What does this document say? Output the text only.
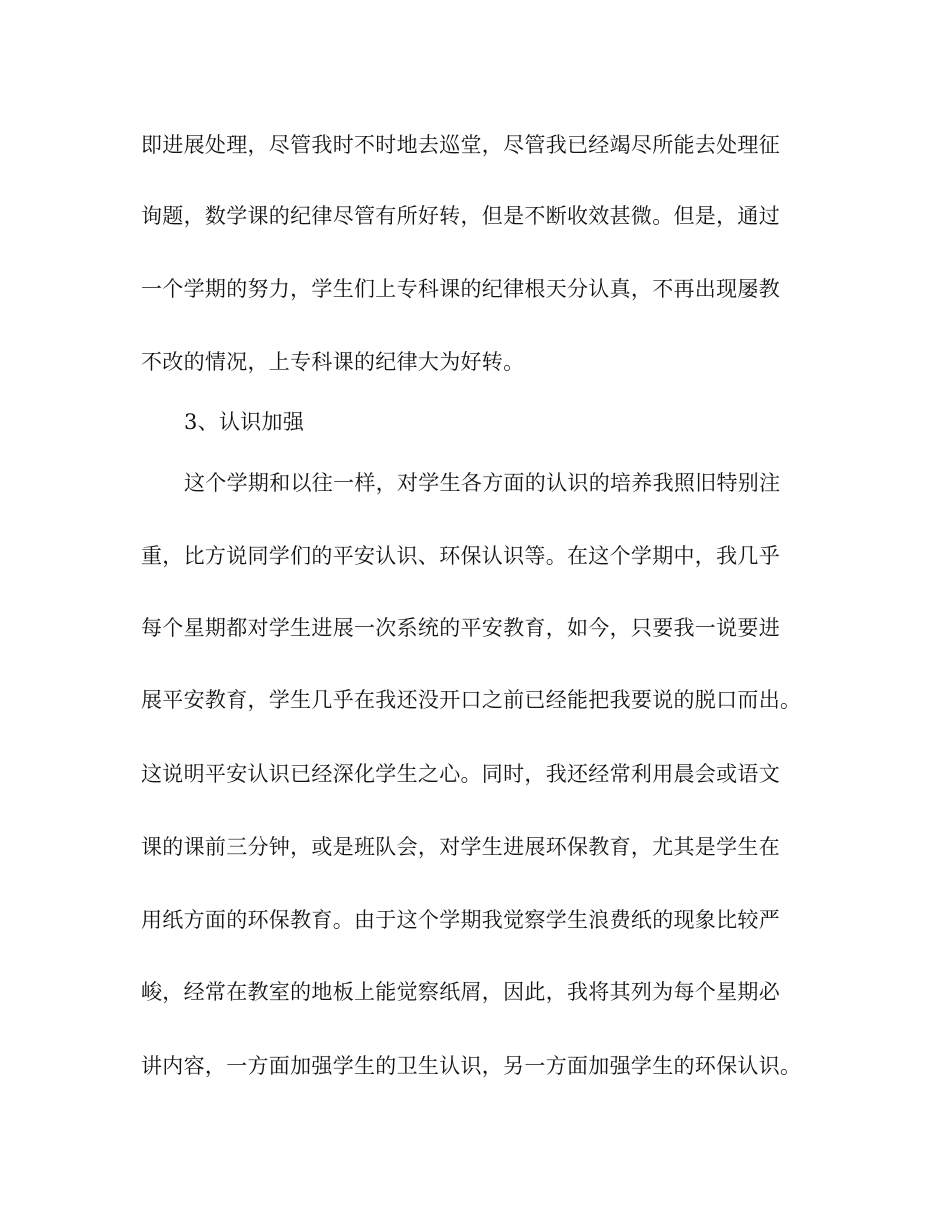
即进展处理，尽管我时不时地去巡堂，尽管我已经竭尽所能去处理征
询题，数学课的纪律尽管有所好转，但是不断收效甚微。但是，通过
一个学期的努力，学生们上专科课的纪律根天分认真，不再出现屡教
不改的情况，上专科课的纪律大为好转。
3、认识加强
这个学期和以往一样，对学生各方面的认识的培养我照旧特别注
重，比方说同学们的平安认识、环保认识等。在这个学期中，我几乎
每个星期都对学生进展一次系统的平安教育，如今，只要我一说要进
展平安教育，学生几乎在我还没开口之前已经能把我要说的脱口而出。
这说明平安认识已经深化学生之心。同时，我还经常利用晨会或语文
课的课前三分钟，或是班队会，对学生进展环保教育，尤其是学生在
用纸方面的环保教育。由于这个学期我觉察学生浪费纸的现象比较严
峻，经常在教室的地板上能觉察纸屑，因此，我将其列为每个星期必
讲内容，一方面加强学生的卫生认识，另一方面加强学生的环保认识。
